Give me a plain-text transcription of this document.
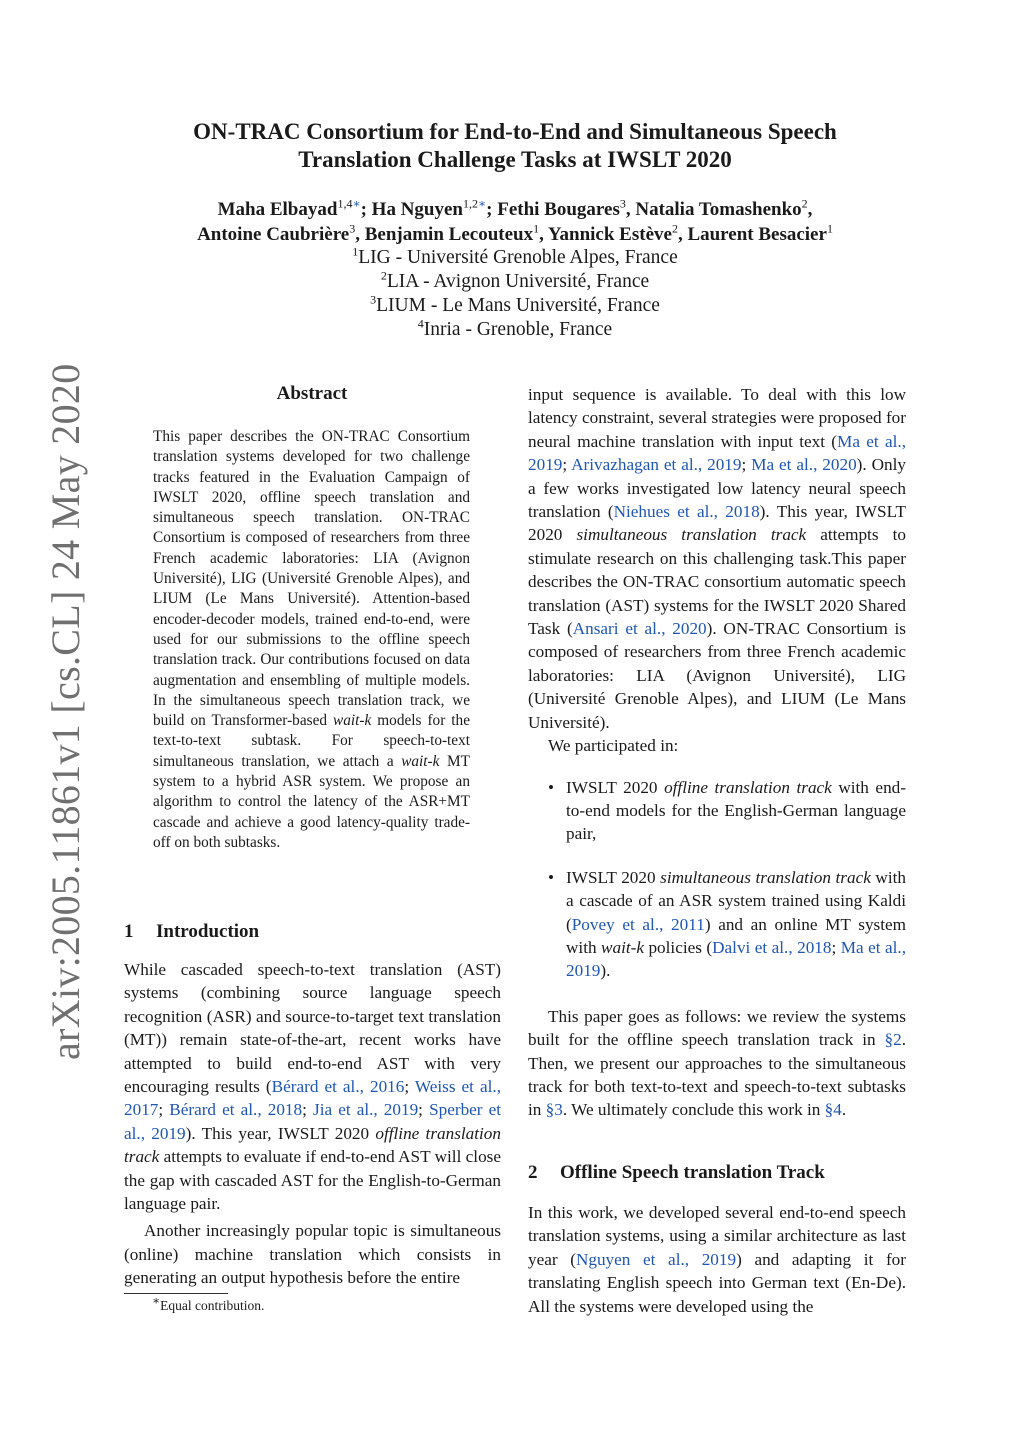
arXiv:2005.11861v1 [cs.CL] 24 May 2020
ON-TRAC Consortium for End-to-End and Simultaneous Speech
Translation Challenge Tasks at IWSLT 2020
Maha Elbayad$^{1,4∗}$; Ha Nguyen$^{1,2∗}$; Fethi Bougares$^3$, Natalia Tomashenko$^2$,
Antoine Caubrière$^3$, Benjamin Lecouteux$^1$, Yannick Estève$^2$, Laurent Besacier$^1$
$^1$LIG - Université Grenoble Alpes, France
$^2$LIA - Avignon Université, France
$^3$LIUM - Le Mans Université, France
$^4$Inria - Grenoble, France
Abstract
This paper describes the ON-TRAC Consortium translation systems developed for two challenge tracks featured in the Evaluation Campaign of IWSLT 2020, offline speech translation and simultaneous speech translation. ON-TRAC Consortium is composed of researchers from three French academic laboratories: LIA (Avignon Université), LIG (Université Grenoble Alpes), and LIUM (Le Mans Université). Attention-based encoder-decoder models, trained end-to-end, were used for our submissions to the offline speech translation track. Our contributions focused on data augmentation and ensembling of multiple models. In the simultaneous speech translation track, we build on Transformer-based wait-k models for the text-to-text subtask. For speech-to-text simultaneous translation, we attach a wait-k MT system to a hybrid ASR system. We propose an algorithm to control the latency of the ASR+MT cascade and achieve a good latency-quality trade-off on both subtasks.
1 Introduction

While cascaded speech-to-text translation (AST) systems (combining source language speech recognition (ASR) and source-to-target text translation (MT)) remain state-of-the-art, recent works have attempted to build end-to-end AST with very encouraging results (Bérard et al., 2016; Weiss et al., 2017; Bérard et al., 2018; Jia et al., 2019; Sperber et al., 2019). This year, IWSLT 2020 offline translation track attempts to evaluate if end-to-end AST will close the gap with cascaded AST for the English-to-German language pair.

Another increasingly popular topic is simultaneous (online) machine translation which consists in generating an output hypothesis before the entire

∗Equal contribution.

input sequence is available. To deal with this low latency constraint, several strategies were proposed for neural machine translation with input text (Ma et al., 2019; Arivazhagan et al., 2019; Ma et al., 2020). Only a few works investigated low latency neural speech translation (Niehues et al., 2018). This year, IWSLT 2020 simultaneous translation track attempts to stimulate research on this challenging task.This paper describes the ON-TRAC consortium automatic speech translation (AST) systems for the IWSLT 2020 Shared Task (Ansari et al., 2020). ON-TRAC Consortium is composed of researchers from three French academic laboratories: LIA (Avignon Université), LIG (Université Grenoble Alpes), and LIUM (Le Mans Université).

We participated in:

• IWSLT 2020 offline translation track with end-to-end models for the English-German language pair,
• IWSLT 2020 simultaneous translation track with a cascade of an ASR system trained using Kaldi (Povey et al., 2011) and an online MT system with wait-k policies (Dalvi et al., 2018; Ma et al., 2019).

This paper goes as follows: we review the systems built for the offline speech translation track in §2. Then, we present our approaches to the simultaneous track for both text-to-text and speech-to-text subtasks in §3. We ultimately conclude this work in §4.

2 Offline Speech translation Track

In this work, we developed several end-to-end speech translation systems, using a similar architecture as last year (Nguyen et al., 2019) and adapting it for translating English speech into German text (En-De). All the systems were developed using the
